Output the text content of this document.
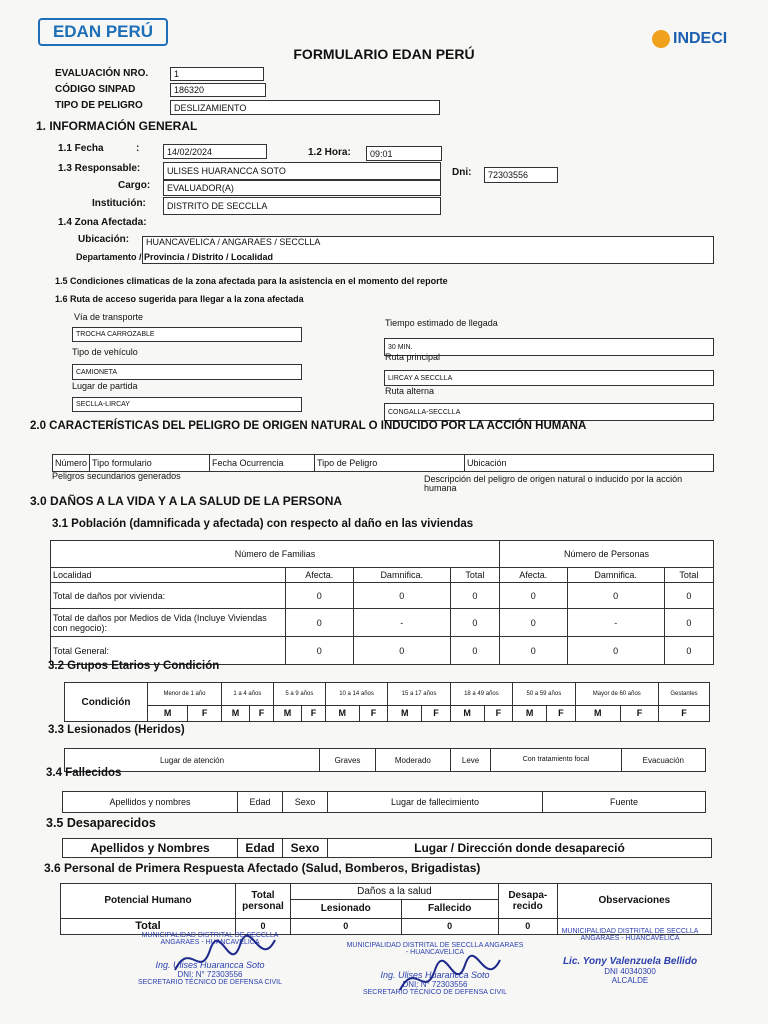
EDAN PERÚ	INDECI
FORMULARIO EDAN PERÚ
EVALUACIÓN NRO.	1
CÓDIGO SINPAD	186320
TIPO DE PELIGRO	DESLIZAMIENTO
1. INFORMACIÓN GENERAL
1.1 Fecha	:	14/02/2024	1.2 Hora:	09:01
1.3 Responsable:	ULISES HUARANCCA SOTO	Dni:	72303556
Cargo:	EVALUADOR(A)
Institución:	DISTRITO DE SECCLLA
1.4 Zona Afectada:
Ubicación: HUANCAVELICA / ANGARAES / SECCLLA
Departamento / Provincia / Distrito / Localidad
1.5 Condiciones climaticas de la zona afectada para la asistencia en el momento del reporte
1.6 Ruta de acceso sugerida para llegar a la zona afectada
Vía de transporte
TROCHA CARROZABLE
Tiempo estimado de llegada
30 MIN.
Tipo de vehículo
CAMIONETA
Ruta principal
LIRCAY A SECCLLA
Lugar de partida
SECLLA-LIRCAY
Ruta alterna
CONGALLA-SECCLLA
2.0 CARACTERÍSTICAS DEL PELIGRO DE ORIGEN NATURAL O INDUCIDO POR LA ACCIÓN HUMANA
Número	Tipo formulario	Fecha Ocurrencia	Tipo de Peligro	Ubicación
Peligros secundarios generados	Descripción del peligro de origen natural o inducido por la acción humana
3.0 DAÑOS A LA VIDA Y A LA SALUD DE LA PERSONA
3.1 Población (damnificada y afectada) con respecto al daño en las viviendas
Número de Familias				Número de Personas		
Localidad	Afecta.	Damnifica.	Total	Afecta.	Damnifica.	Total
Total de daños por vivienda:	0	0	0	0	0	0
Total de daños por Medios de Vida (Incluye Viviendas con negocio):	0	-	0	0	-	0
Total General:	0	0	0	0	0	0
3.2 Grupos Etarios y Condición
Condición	Menor de 1 año		1 a 4 años		5 a 9 años		10 a 14 años		15 a 17 años		18 a 49 años		50 a 59 años		Mayor de 60 años		Gestantes
	M	F	M	F	M	F	M	F	M	F	M	F	M	F	M	F	F
3.3 Lesionados (Heridos)
Lugar de atención	Graves	Moderado	Leve	Con tratamiento focal	Evacuación
3.4 Fallecidos
Apellidos y nombres	Edad	Sexo	Lugar de fallecimiento	Fuente
3.5 Desaparecidos
Apellidos y Nombres	Edad	Sexo	Lugar / Dirección donde desapareció
3.6 Personal de Primera Respuesta Afectado (Salud, Bomberos, Brigadistas)
Potencial Humano	Total personal	Daños a la salud		Desapa-recido	Observaciones
		Lesionado	Fallecido		
Total	0	0	0	0	
MUNICIPALIDAD DISTRITAL DE SECCLLA ANGARAES - HUANCAVELICA
Ing. Ulises Huarancca Soto
DNI: N° 72303556
SECRETARIO TÉCNICO DE DEFENSA CIVIL
MUNICIPALIDAD DISTRITAL DE SECCLLA ANGARAES - HUANCAVELICA
Ing. Ulises Huarancca Soto
DNI: N° 72303556
SECRETARIO TÉCNICO DE DEFENSA CIVIL
MUNICIPALIDAD DISTRITAL DE SECCLLA ANGARAES - HUANCAVELICA
Lic. Yony Valenzuela Bellido
DNI 40340300
ALCALDE
